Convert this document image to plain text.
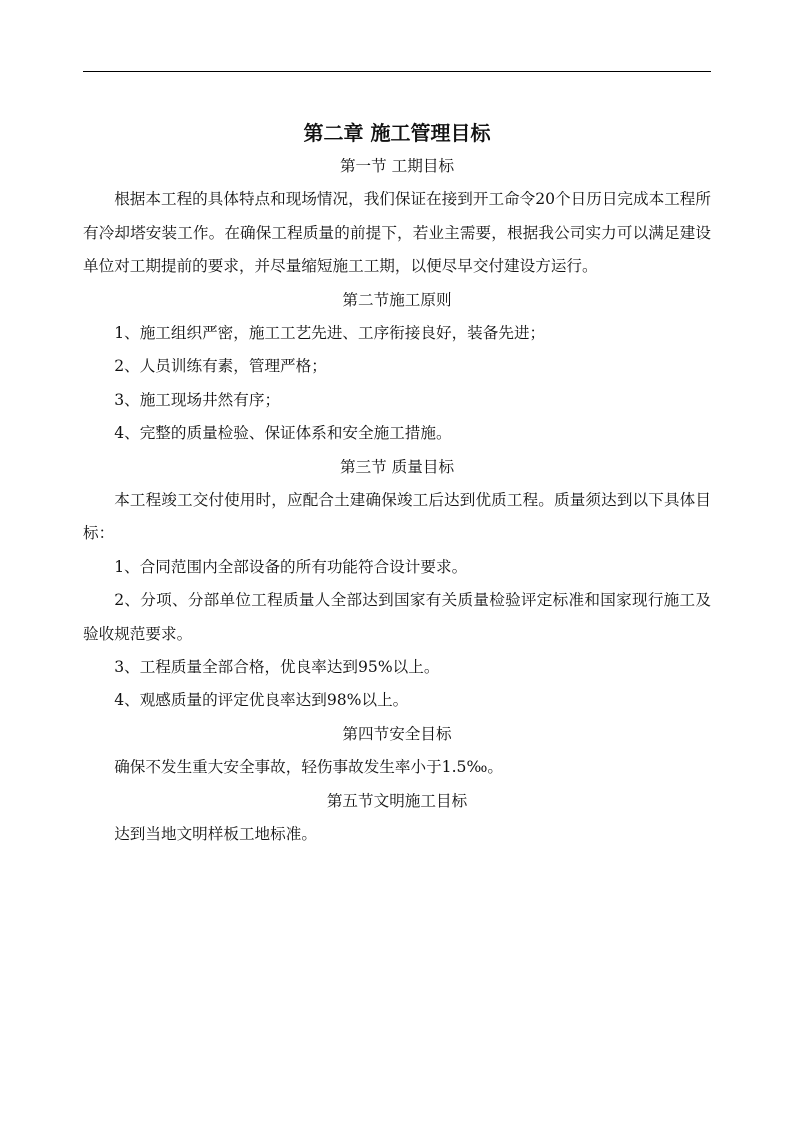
第二章 施工管理目标
第一节 工期目标

根据本工程的具体特点和现场情况，我们保证在接到开工命令20个日历日完成本工程所有冷却塔安装工作。在确保工程质量的前提下，若业主需要，根据我公司实力可以满足建设单位对工期提前的要求，并尽量缩短施工工期，以便尽早交付建设方运行。

第二节施工原则

1、施工组织严密，施工工艺先进、工序衔接良好，装备先进；

2、人员训练有素，管理严格；

3、施工现场井然有序；

4、完整的质量检验、保证体系和安全施工措施。

第三节 质量目标

本工程竣工交付使用时，应配合土建确保竣工后达到优质工程。质量须达到以下具体目标：

1、合同范围内全部设备的所有功能符合设计要求。

2、分项、分部单位工程质量人全部达到国家有关质量检验评定标准和国家现行施工及验收规范要求。

3、工程质量全部合格，优良率达到95%以上。

4、观感质量的评定优良率达到98%以上。

第四节安全目标

确保不发生重大安全事故，轻伤事故发生率小于1.5‰。

第五节文明施工目标

达到当地文明样板工地标准。
